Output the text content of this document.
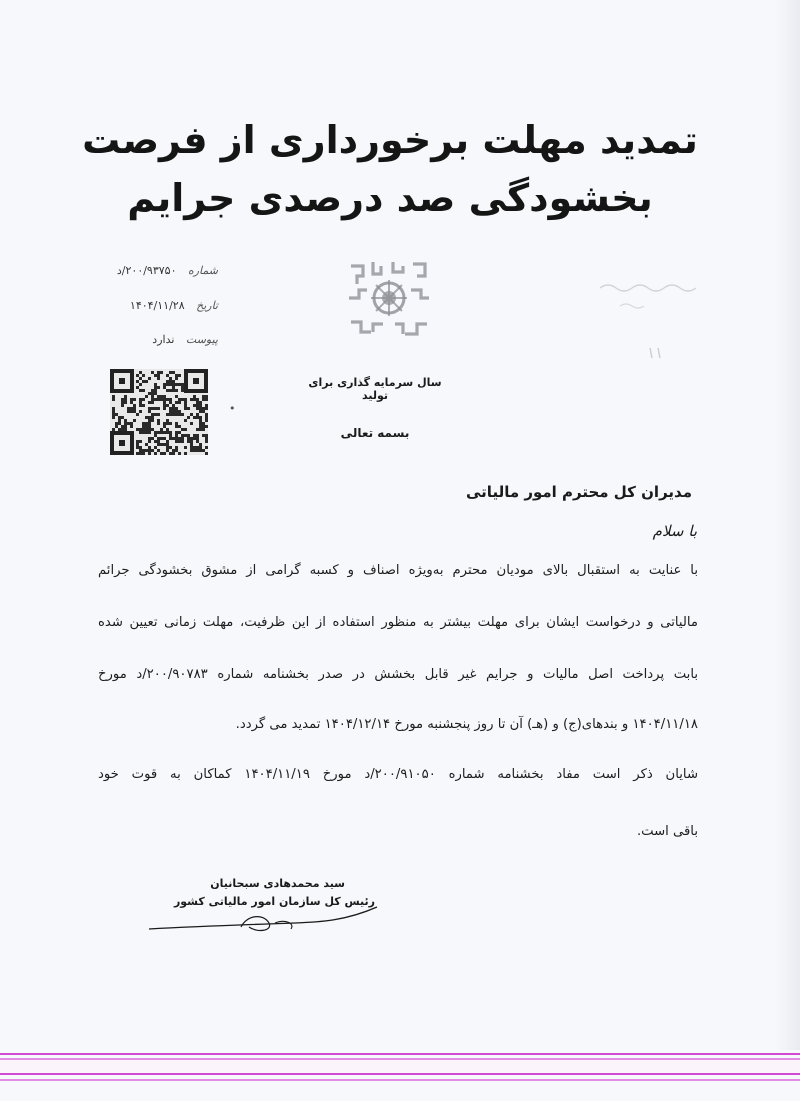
تمدید مهلت برخورداری از فرصت
بخشودگی صد درصدی جرایم
شماره ۲۰۰/۹۳۷۵۰/د
تاریخ ۱۴۰۴/۱۱/۲۸
پیوست ندارد
سال سرمایه گذاری برای تولید
بسمه تعالی
•
مدیران کل محترم امور مالیاتی
با سلام
با عنایت به استقبال بالای مودیان محترم به‌ویژه اصناف و کسبه گرامی از مشوق بخشودگی جرائم
مالیاتی و درخواست ایشان برای مهلت بیشتر به منظور استفاده از این ظرفیت، مهلت زمانی تعیین شده
بابت پرداخت اصل مالیات و جرایم غیر قابل بخشش در صدر بخشنامه شماره ۲۰۰/۹۰۷۸۳/د مورخ
۱۴۰۴/۱۱/۱۸ و بندهای(ج) و (هـ) آن تا روز پنجشنبه مورخ ۱۴۰۴/۱۲/۱۴ تمدید می گردد.
شایان ذکر است مفاد بخشنامه شماره ۲۰۰/۹۱۰۵۰/د مورخ ۱۴۰۴/۱۱/۱۹ کماکان به قوت خود
باقی است.
سید محمدهادی سبحانیان
رئیس کل سازمان امور مالیاتی کشور
